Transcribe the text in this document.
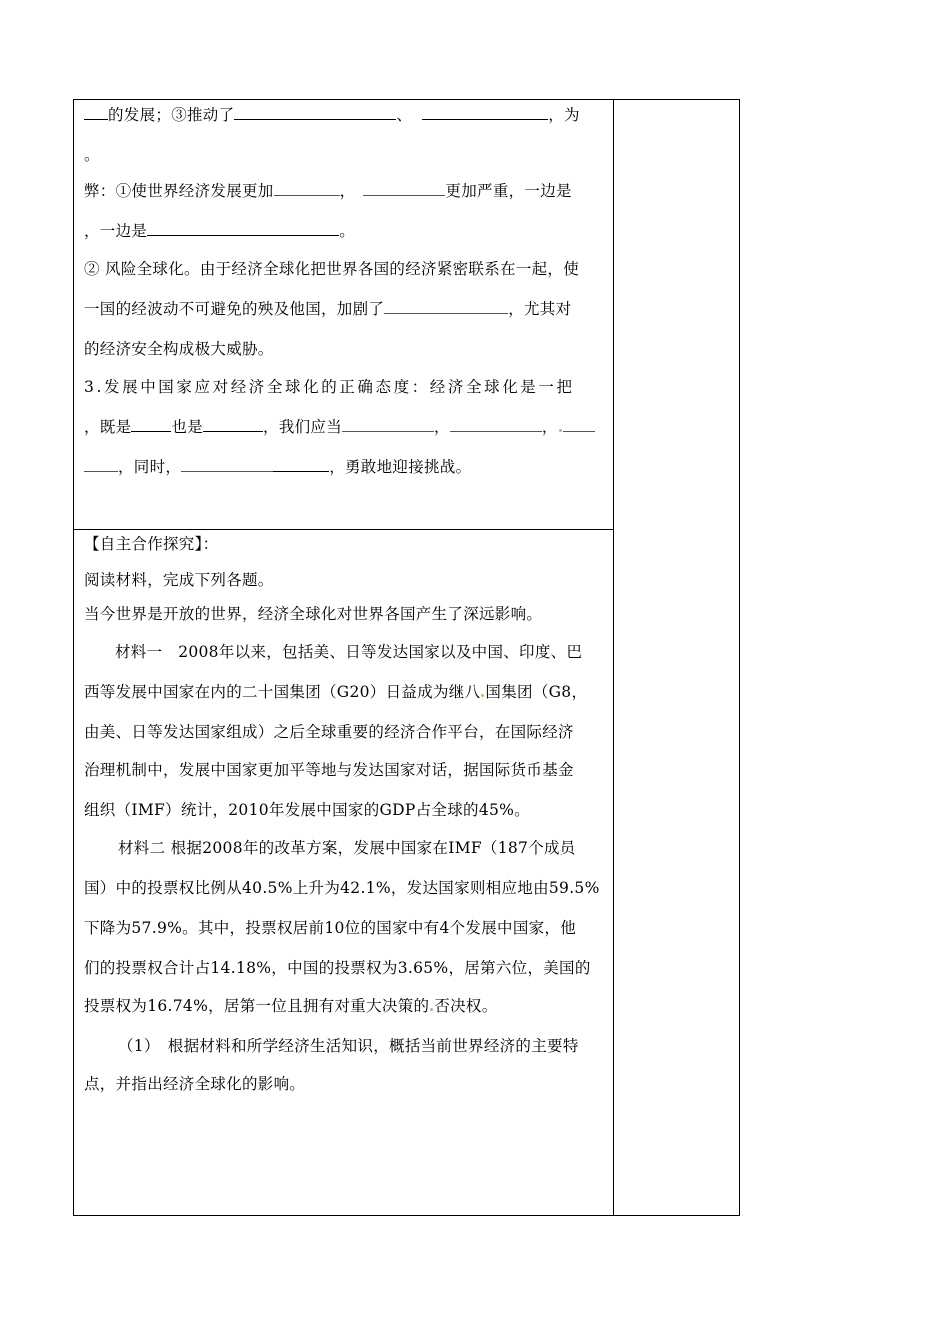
的发展；③推动了	、	，为
。
弊：①使世界经济发展更加	，	更加严重，一边是
，一边是	。
② 风险全球化。由于经济全球化把世界各国的经济紧密联系在一起，使
一国的经波动不可避免的殃及他国，加剧了	，尤其对
的经济安全构成极大威胁。
3.发展中国家应对经济全球化的正确态度：经济全球化是一把
，既是	也是	，我们应当	，	，
，同时，	，勇敢地迎接挑战。
【自主合作探究】：
阅读材料，完成下列各题。
当今世界是开放的世界，经济全球化对世界各国产生了深远影响。
材料一　2008年以来，包括美、日等发达国家以及中国、印度、巴
西等发展中国家在内的二十国集团（G20）日益成为继八 国集团（G8，
由美、日等发达国家组成）之后全球重要的经济合作平台，在国际经济
治理机制中，发展中国家更加平等地与发达国家对话，据国际货币基金
组织（IMF）统计，2010年发展中国家的GDP占全球的45%。
材料二 根据2008年的改革方案，发展中国家在IMF（187个成员
国）中的投票权比例从40.5%上升为42.1%，发达国家则相应地由59.5%
下降为57.9%。其中，投票权居前10位的国家中有4个发展中国家，他
们的投票权合计占14.18%，中国的投票权为3.65%，居第六位，美国的
投票权为16.74%，居第一位且拥有对重大决策的 否决权。
（1）　根据材料和所学经济生活知识，概括当前世界经济的主要特
点，并指出经济全球化的影响。
